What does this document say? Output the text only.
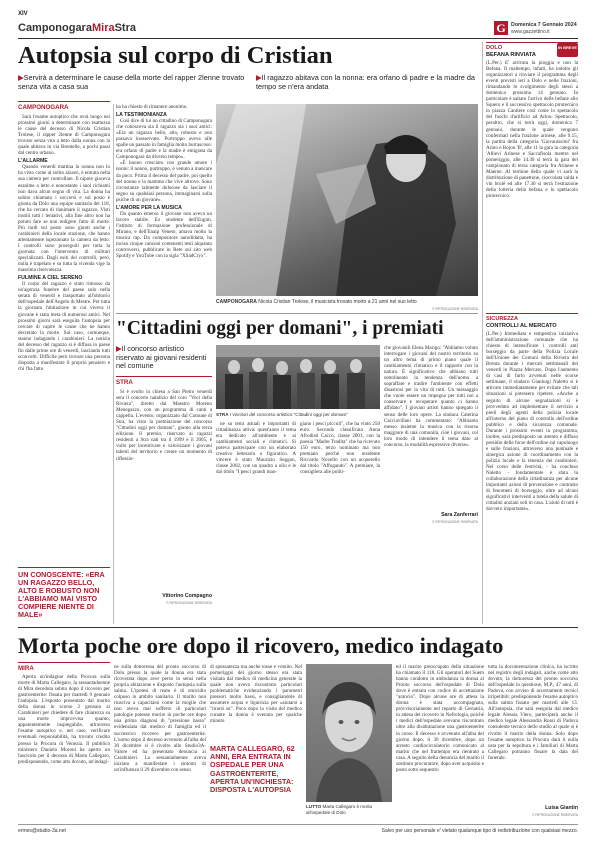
XIV
CamponogaraMiraStra	G	Domenica 7 Gennaio 2024
www.gazzettino.it
Autopsia sul corpo di Cristian
▶Servirà a determinare le cause della morte del rapper 2lenne trovato senza vita a casa sua
▶Il ragazzo abitava con la nonna: era orfano di padre e la madre da tempo se n'era andata
CAMPONOGARA

Sarà l'esame autoptico che avrà luogo nei prossimi giorni a determinare con esattezza le cause del decesso di Nicola Cristian Trolese, il rapper 2lenne di Camponogara trovato senza vita a letto dalla nonna con la quale abitava in via Brentelle, a pochi passi dal centro urbano.

L'ALLARME

Quando venerdì mattina la nonna non lo ha visto come al solito alzarsi, è entrata nella sua camera per controllare. Il nipote giaceva esanime a letto e nonostante i suoi richiami non dava alcun segno di vita. La donna ha subito chiamato i soccorsi e sul posto è giunta da Dolo una equipe sanitaria del 118, che ha cercato di rianimare il ragazzo. Visti inutili tutti i tentativi, alla fine altro non ha potuto fare se non redigere l'atto di morte. Più tardi sul posto sono giunti anche i carabinieri della locale stazione, che hanno attentamente ispezionato la camera da letto. I controlli sono proseguiti per tutta la giornata con l'intervento di militari specializzati. Dagli esiti dei controlli, però, nulla è trapelato e su tutta la vicenda vige la massima riservatezza.

FULMINE A CIEL SERENO

Il corpo del ragazzo è stato rimosso da un'agenzia funebre del paese solo nella serata di venerdì e trasportato all'obitorio dell'ospedale dell'Angelo di Mestre. Per tutta la giornata l'abitazione in cui viveva il giovane è stata meta di numerosi amici. Nel prossimi giorni sarà eseguita l'autopsia per cercare di capire le cause che ne hanno decretato la morte. Sul caso, comunque, stanno indagando i carabinieri. La notizia del decesso del ragazzo si è diffusa in paese fin dalle prime ore di venerdì, lasciando tutti sconvolti. Difficile però trovare una persona disposta a manifestare il proprio pensiero e chi l'ha fatto

UN CONOSCENTE: «ERA UN RAGAZZO BELLO, ALTO E ROBUSTO NON L'ABBIAMO MAI VISTO COMPIERE NIENTE DI MALE»

ha ha chiesto di rimanere anonimo.

LA TESTIMONIANZA

Così dice di lui un cittadino di Camponogara che conosceva sia il ragazzo sia i suoi amici: «Era un ragazzo bello, alto, robusto e non passava inosservato. Purtroppo aveva alle spalle un passato in famiglia molto burrascoso: era orfano di padre e la madre è emigrata da Camponogara da diverso tempo».

«È buono cresciuto con grande amore i nonni: il nonno, purtroppo, è venuto a mancare da poco. Prima il decesso del padre, poi quello del nonno e la mamma che vive altrove. Sono circostanze talmente dolorose da lasciare il segno su qualsiasi persona, immaginarsi sulla psiche di un giovane».

L'AMORE PER LA MUSICA

Da quanto emerso il giovane non aveva un lavoro stabile. Ex studente dell'Engim, l'istituto di formazione professionale di Mirano, e dell'Enaip Veneto, amava molto la musica rap. Da compositore autodidatta, ha inciso cinque canzoni contenenti testi alquanto controversi, pubblicate in Rete sul sito web Spotify e YouTube con la sigla "XSadCryx".

Vittorino Compagno
© RIPRODUZIONE RISERVATA
CAMPONOGARA Nicola Cristian Trolese, il musicista trovato morto a 21 anni nel suo letto
© RIPRODUZIONE RISERVATA
"Cittadini oggi per domani", i premiati
▶Il concorso artistico riservato ai giovani residenti nel comune
STRA

Si è svolto in chiesa a San Pietro venerdì sera il concerto natalizio del coro "Voci della Riviera", diretto dal Maestro Moreno Menegazzo, con un programma di canti a cappella. L'evento, organizzato dal Comune di Stra, ha visto la premiazione del concorso "Cittadini oggi per domani", giunto alla terza edizione. Il premio, riservato ai ragazzi residenti a Stra nati tra il 1999 e il 2005, è volto per incentivare e valorizzare i giovani talenti del territorio e creare un momento di riflessio-

STRA I vincitori del concorso artistico "Cittadini oggi per domani"

ne su temi attuali e importanti di cittadinanza attiva: quest'anno il tema era dedicato all'ambiente e ai cambiamenti sociali e climatici. Si poteva partecipare con un elaborato creativo letterario o figurativo. A vincere è stato Maurizio Seggon, classe 2002, con un quadro a olio e le dal titolo "I pesci grandi man-

giano i pesci piccoli", che ha vinto 250 euro. Seconda classificata Anna Afrodisti Cacco, classe 2001, con la poesia "Madre Tradita" che ha ricevuto 150 euro, terzo nominato ma non premiato perché non residente Riccardo Novello con un acquerello dal titolo "Affogando". A premiare, la consigliera alle politi-

che giovanili Elena Marigo: "Abbiamo voluto interrogare i giovani del nostro territorio su un altro tema di primo piano quale il cambiamento climatico e il rapporto con la natura. È significativo che abbiano tutti sottolineato la tendenza dell'uomo a sopraffare e tradire l'ambiente con effetti disastrosi per la vita di tutti. Un messaggio che vuole essere un impegno per tutti noi a conservare e recuperare quanto ci hanno affidato". I giovani artisti hanno spiegato il senso delle loro opere. La sindaca Caterina Cacciavillani ha commentato: "Abbiamo messo insieme la musica con la risorsa maggiore di una comunità, cioè i giovani, col loro modo di intendere il tema dato al concorso, la modalità espressive diverse».

Sara Zanferrari
© RIPRODUZIONE RISERVATA
DOLO
BEFANA RINVIATA
IN BREVE

(L.Per.) E' arrivata la pioggia e non la Befana. Il maltempo, infatti, ha indotto gli organizzatori a rinviare il programma degli eventi previsti ieri a Dolo e nelle frazioni, rimandando lo svolgimento degli stessi a domenica prossima 14 gennaio. In particolare è saltato l'arrivo delle befane allo Squero e il successivo spettacolo pirotecnico in piazza Cantiere così come lo spettacolo del fuochi d'artificio ad Arino. Spettacolo, peraltro, che si terrà oggi, domenica 7 gennaio, durante le quale vengono confermati nella frazione arinese, alle 9.15, la partita della categoria 'Giovanissimi' fra Arino e Bojon 'B', alle 11 la gara la categoria 'Allievi Arinese e Saccafisola mentre nel pomeriggio, alle 14.30 si terrà la gara del campionato di terza categoria fra Arinese e Maerne. Al termine della quale vi sarà la distribuzione di panettone, cioccolata calda e vin brulé ed alle 17.30 si terrà l'estrazione della lotteria della befana e lo spettacolo pirotecnico.

SICUREZZA
CONTROLLI AL MERCATO

(L.Per.) Immediata e tempestiva iniziativa dell'amministrazione comunale che ha chiesto di intensificare i controlli anti borseggio da parte della Polizia Locale dell'Unione dei Comuni della Riviera del Brenta durante i mercati settimanali del venerdì in Piazza Mercato. Dopo l'aumento di casi di furto avvenuti nelle scorse settimane, il sindaco Gianluigi Naletto si è attivato immediatamente per evitare che tali situazioni si potessero ripetere. «Anche a seguito di alcune segnalazioni si è provveduto ad implementare il servizio a piedi degli agenti della polizia locale all'interno del piano di controllo dell'ordine pubblico e della sicurezza comunale. Durante i prossimi eventi in programma, inoltre, sarà predisposto un attento e diffuso presidio delle forze dell'ordine sul capoluogo e sulle frazioni, attraverso una puntuale e sinergica azione di coordinamento con la polizia locale e la tenenza dei carabinieri. Nel corso delle festività, - ha concluso Naletto - fondamentale è stata la collaborazione della cittadinanza per alcune importanti azioni di prevenzione e contrasto di fenomeni di borseggio, oltre ad alcuni significativi interventi a tutela della salute di cittadini anziani soli in casa. L'aiuto di tutti è davvero importante».

Morta poche ore dopo il ricovero, medico indagato
MIRA

Aperta un'indagine della Procura sulla morte di Marta Callegaro, la sessantaduenne di Mira deceduta subito dopo il ricovero per gastroenterite: fissata per martedì 9 gennaio l'autopsia. L'esposto presentato dal marito della donna lo scorso 2 gennaio ai Carabinieri per chiedere di fare chiarezza su una morte improvvisa quanto, apparentemente inspiegabile, attraverso l'esame autoptico e, nel caso, verificare eventuali responsabilità, ha trovato credito presso la Procura di Venezia. Il pubblico ministero Daniela Moroni ha aperto un fascicolo per il decesso di Marta Callegaro, predisponendo, come atto dovuto, un'indagi-

ne sulla dottoressa del pronto soccorso di Dolo presso la quale la donna era stata ricoverata dopo aver perso in sensi nella propria abitazione e disposto l'autopsia sulla salma. L'ipotesi di reato è di omicidio colposo in ambito sanitario. Il marito non riusciva a capacitarsi come la moglie che non aveva mai sofferto di particolari patologie potesse morire in poche ore dopo una prima diagnosi di "pressione bassa" evidenziata dal medico di famiglia ed il successivo ricovero per gastroenterite. L'uomo dopo il decesso avvenuto all'alba del 30 dicembre si è rivolto allo Studio3A-Valore ed ha presentato denuncia ai Carabinieri. La sessantaduenne aveva iniziato a manifestare i sintomi di un'influenza il 29 dicembre con senso

di spossatezza ma anche tosse e vomito. Nel pomeriggio del giorno stesso era stata visitata dal medico di medicina generale la quale non aveva riscontrato particolari problematiche evidenziando i parametri pressori molto bassi, e consigliandole di assumere acqua e liquirizia per «aiutarsi a "tirarsi su". Poco dopo la visita del medico curante la donna è svenuta per qualche minuto

MARTA CALLEGARO, 62 ANNI, ERA ENTRATA IN OSPEDALE PER UNA GASTROENTERITE, APERTA UN'INCHIESTA: DISPOSTA L'AUTOPSIA
LUTTO Marta Callegaro è morta all'ospedale di Dolo

ed il marito preoccupato della situazione ha chiamato il 118. Gli operatori del Suem hanno condotto in ambulanza la donna al Pronto soccorso dell'ospedale di Dolo dove è entrata con codice di accettazione "arancio". Dopo alcune ore di attesa la donna è stata accompagnata, provvisoriamente nel reparto di Geriatria, in attesa del ricovero in Nefrologia, poiché i medici dell'ospedale avevano riscontrato oltre alla disidratazione una gastroenterite in corso. Il decesso è avvenuto all'alba del giorno dopo, il 30 dicembre, dopo un arresto cardiocircolatorio comunicato al marito che nel frattempo era rientrato a casa. A seguito della denuncia del marito il sostituto procuratore, dopo aver acquisito e posto sotto sequestro

tutta la documentazione clinica, ha iscritto nel registro degli indagati, anche come atto dovuto, la dottoressa del pronto soccorso dell'ospedale in questione, M.P., 47 anni, di Padova, con avviso di accertamenti tecnici irripetibili: predisponendo l'esame autoptico sulla salma fissato per martedì alle 13. All'autopsia, che sarà eseguita dal medico legale Alessia Viero, parteciperà anche il medico legale Alessandra Rossi di Padova consulente tecnico dello studio al quale si è rivolto il marito della donna. Solo dopo l'esame autoptico la Procura darà il nulla osta per la sepoltura e i familiari di Marta Callegaro potranno fissare la data del funerale.

Luisa Giantin
© RIPRODUZIONE RISERVATA
ermes@studio-3a.net	Salvo per uso personale e' vietato qualunque tipo di redistribuzione con qualsiasi mezzo.
